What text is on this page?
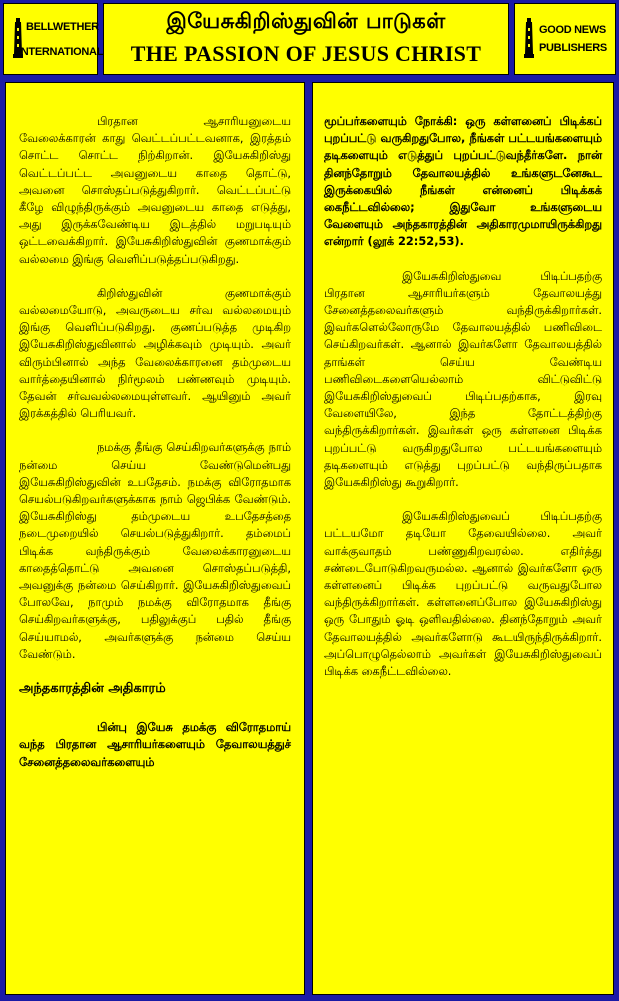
BELLWETHER
INTERNATIONAL
இயேசுகிறிஸ்துவின் பாடுகள்
THE PASSION OF JESUS CHRIST
GOOD NEWS
PUBLISHERS

பிரதான ஆசாரியனுடைய வேலைக்காரன் காது வெட்டப்பட்டவனாக, இரத்தம் சொட்ட சொட்ட நிற்கிறான். இயேசுகிறிஸ்து வெட்டப்பட்ட அவனுடைய காதை தொட்டு, அவனை சொஸ்தப்படுத்துகிறார். வெட்டப்பட்டு கீழே விழுந்திருக்கும் அவனுடைய காதை எடுத்து, அது இருக்கவேண்டிய இடத்தில் மறுபடியும் ஒட்டவைக்கிறார். இயேசுகிறிஸ்துவின் குணமாக்கும் வல்லமை இங்கு வெளிப்படுத்தப்படுகிறது.

கிறிஸ்துவின் குணமாக்கும் வல்லமையோடு, அவருடைய சர்வ வல்லமையும் இங்கு வெளிப்படுகிறது. குணப்படுத்த முடிகிற இயேசுகிறிஸ்துவினால் அழிக்கவும் முடியும். அவர் விரும்பினால் அந்த வேலைக்காரனை தம்முடைய வார்த்தையினால் நிர்மூலம் பண்ணவும் முடியும். தேவன் சர்வவல்லமையுள்ளவர். ஆயினும் அவர் இரக்கத்தில் பெரியவர்.

நமக்கு தீங்கு செய்கிறவர்களுக்கு நாம் நன்மை செய்ய வேண்டுமென்பது இயேசுகிறிஸ்துவின் உபதேசம். நமக்கு விரோதமாக செயல்படுகிறவர்களுக்காக நாம் ஜெபிக்க வேண்டும். இயேசுகிறிஸ்து தம்முடைய உபதேசத்தை நடைமுறையில் செயல்படுத்துகிறார். தம்மைப் பிடிக்க வந்திருக்கும் வேலைக்காரனுடைய காதைத்தொட்டு அவனை சொஸ்தப்படுத்தி, அவனுக்கு நன்மை செய்கிறார். இயேசுகிறிஸ்துவைப் போலவே, நாமும் நமக்கு விரோதமாக தீங்கு செய்கிறவர்களுக்கு, பதிலுக்குப் பதில் தீங்கு செய்யாமல், அவர்களுக்கு நன்மை செய்ய வேண்டும்.

அந்தகாரத்தின் அதிகாரம்

பின்பு இயேசு தமக்கு விரோதமாய் வந்த பிரதான ஆசாரியர்களையும் தேவாலயத்துச் சேனைத்தலைவர்களையும்

மூப்பர்களையும் நோக்கி: ஒரு கள்ளனைப் பிடிக்கப் புறப்பட்டு வருகிறதுபோல, நீங்கள் பட்டயங்களையும் தடிகளையும் எடுத்துப் புறப்பட்டுவந்தீர்களே. நான் தினந்தோறும் தேவாலயத்தில் உங்களுடனேகூட இருக்கையில் நீங்கள் என்னைப் பிடிக்கக் கைநீட்டவில்லை; இதுவோ உங்களுடைய வேளையும் அந்தகாரத்தின் அதிகாரமுமாயிருக்கிறது என்றார் (லூக் 22:52,53).

இயேசுகிறிஸ்துவை பிடிப்பதற்கு பிரதான ஆசாரியர்களும் தேவாலயத்து சேனைத்தலைவர்களும் வந்திருக்கிறார்கள். இவர்களெல்லோருமே தேவாலயத்தில் பணிவிடை செய்கிறவர்கள். ஆனால் இவர்களோ தேவாலயத்தில் தாங்கள் செய்ய வேண்டிய பணிவிடைகளையெல்லாம் விட்டுவிட்டு இயேசுகிறிஸ்துவைப் பிடிப்பதற்காக, இரவு வேளையிலே, இந்த தோட்டத்திற்கு வந்திருக்கிறார்கள். இவர்கள் ஒரு கள்ளனை பிடிக்க புறப்பட்டு வருகிறதுபோல பட்டயங்களையும் தடிகளையும் எடுத்து புறப்பட்டு வந்திருப்பதாக இயேசுகிறிஸ்து கூறுகிறார்.

இயேசுகிறிஸ்துவைப் பிடிப்பதற்கு பட்டயமோ தடியோ தேவையில்லை. அவர் வாக்குவாதம் பண்ணுகிறவரல்ல. எதிர்த்து சண்டைபோடுகிறவருமல்ல. ஆனால் இவர்களோ ஒரு கள்ளனைப் பிடிக்க புறப்பட்டு வருவதுபோல வந்திருக்கிறார்கள். கள்ளனைப்போல இயேசுகிறிஸ்து ஒரு போதும் ஓடி ஒளிவதில்லை. தினந்தோறும் அவர் தேவாலயத்தில் அவர்களோடு கூடயிருந்திருக்கிறார். அப்பொழுதெல்லாம் அவர்கள் இயேசுகிறிஸ்துவைப் பிடிக்க கைநீட்டவில்லை.
